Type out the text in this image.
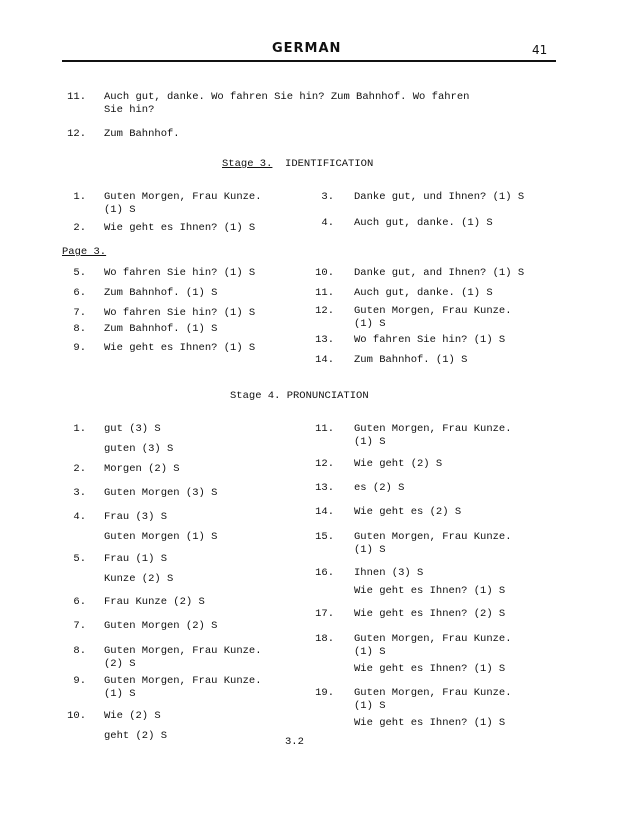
GERMAN	41
11. Auch gut, danke. Wo fahren Sie hin? Zum Bahnhof. Wo fahren
Sie hin?
12. Zum Bahnhof.
Stage 3. IDENTIFICATION
1. Guten Morgen, Frau Kunze.
(1) S
2. Wie geht es Ihnen? (1) S
3. Danke gut, und Ihnen? (1) S
4. Auch gut, danke. (1) S
Page 3.
5. Wo fahren Sie hin? (1) S
6. Zum Bahnhof. (1) S
7. Wo fahren Sie hin? (1) S
8. Zum Bahnhof. (1) S
9. Wie geht es Ihnen? (1) S
10. Danke gut, and Ihnen? (1) S
11. Auch gut, danke. (1) S
12. Guten Morgen, Frau Kunze.
(1) S
13. Wo fahren Sie hin? (1) S
14. Zum Bahnhof. (1) S
Stage 4. PRONUNCIATION
1. gut (3) S
guten (3) S
2. Morgen (2) S
3. Guten Morgen (3) S
4. Frau (3) S
Guten Morgen (1) S
5. Frau (1) S
Kunze (2) S
6. Frau Kunze (2) S
7. Guten Morgen (2) S
8. Guten Morgen, Frau Kunze.
(2) S
9. Guten Morgen, Frau Kunze.
(1) S
10. Wie (2) S
geht (2) S
11. Guten Morgen, Frau Kunze.
(1) S
12. Wie geht (2) S
13. es (2) S
14. Wie geht es (2) S
15. Guten Morgen, Frau Kunze.
(1) S
16. Ihnen (3) S
Wie geht es Ihnen? (1) S
17. Wie geht es Ihnen? (2) S
18. Guten Morgen, Frau Kunze.
(1) S
Wie geht es Ihnen? (1) S
19. Guten Morgen, Frau Kunze.
(1) S
Wie geht es Ihnen? (1) S
3.2
